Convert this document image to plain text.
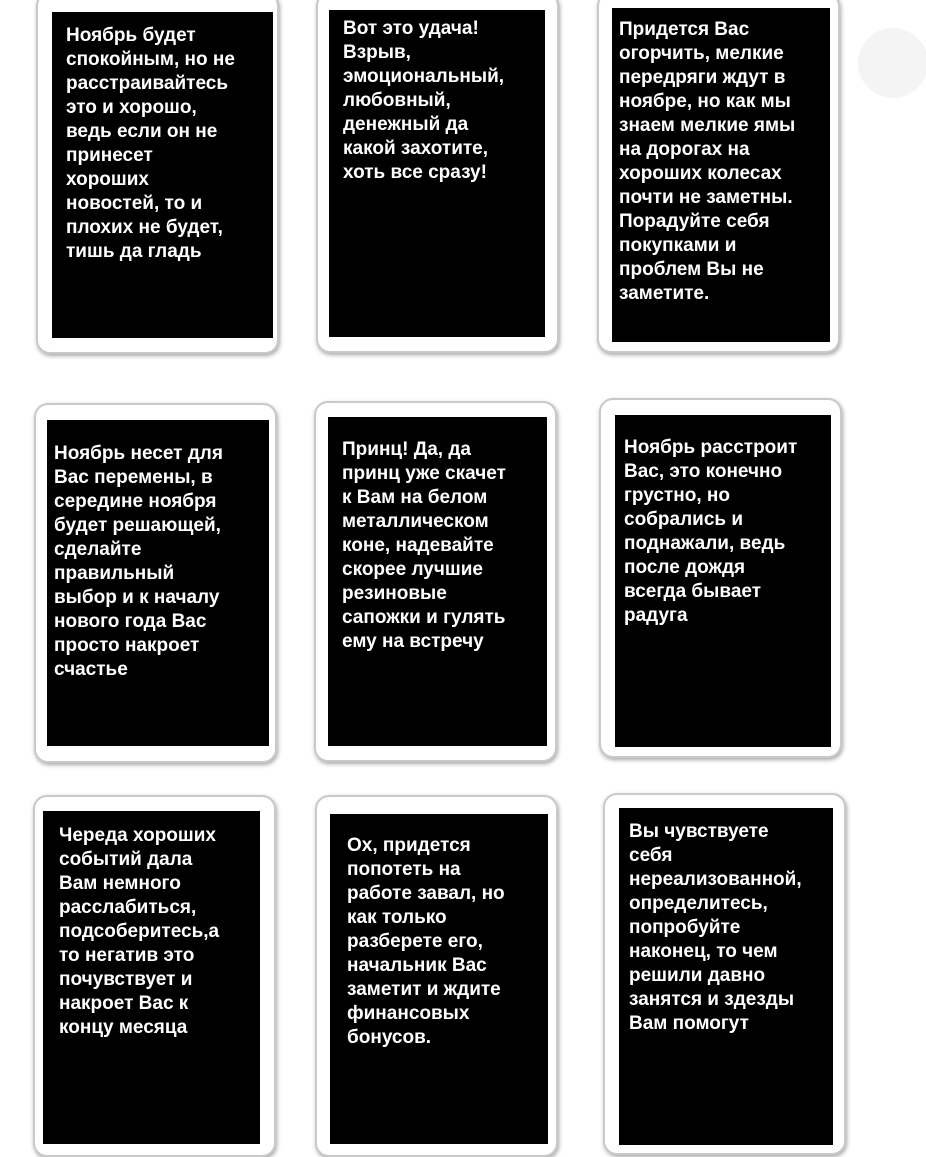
Ноябрь будет
спокойным, но не
расстраивайтесь
это и хорошо,
ведь если он не
принесет
хороших
новостей, то и
плохих не будет,
тишь да гладь
Вот это удача!
Взрыв,
эмоциональный,
любовный,
денежный да
какой захотите,
хоть все сразу!
Придется Вас
огорчить, мелкие
передряги ждут в
ноябре, но как мы
знаем мелкие ямы
на дорогах на
хороших колесах
почти не заметны.
Порадуйте себя
покупками и
проблем Вы не
заметите.
Ноябрь несет для
Вас перемены, в
середине ноября
будет решающей,
сделайте
правильный
выбор и к началу
нового года Вас
просто накроет
счастье
Принц! Да, да
принц уже скачет
к Вам на белом
металлическом
коне, надевайте
скорее лучшие
резиновые
сапожки и гулять
ему на встречу
Ноябрь расстроит
Вас, это конечно
грустно, но
собрались и
поднажали, ведь
после дождя
всегда бывает
радуга
Череда хороших
событий дала
Вам немного
расслабиться,
подсоберитесь,а
то негатив это
почувствует и
накроет Вас к
концу месяца
Ох, придется
попотеть на
работе завал, но
как только
разберете его,
начальник Вас
заметит и ждите
финансовых
бонусов.
Вы чувствуете
себя
нереализованной,
определитесь,
попробуйте
наконец, то чем
решили давно
занятся и здезды
Вам помогут
